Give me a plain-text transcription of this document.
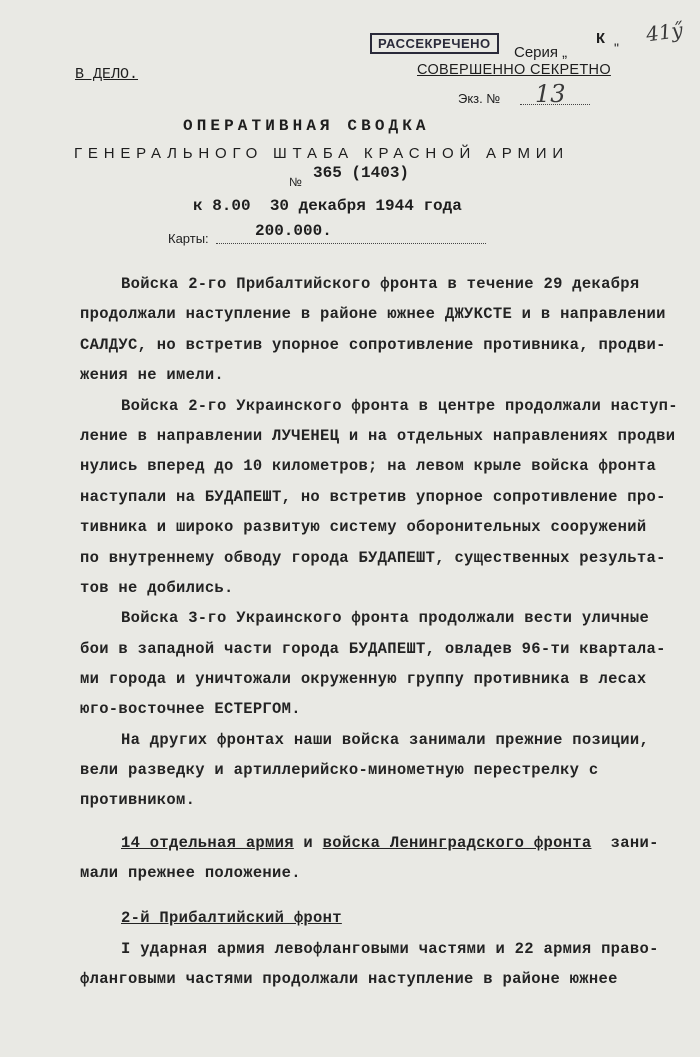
РАССЕКРЕЧЕНО
Серия „
К "
41ӳ
В ДЕЛО.	СОВЕРШЕННО СЕКРЕТНО
Экз. № 13
ОПЕРАТИВНАЯ СВОДКА
ГЕНЕРАЛЬНОГО ШТАБА КРАСНОЙ АРМИИ
№ 365 (1403)
к 8.00  30 декабря 1944 года
Карты:	200.000.
Войска 2-го Прибалтийского фронта в течение 29 декабря
продолжали наступление в районе южнее ДЖУКСТЕ и в направлении
САЛДУС, но встретив упорное сопротивление противника, продви-
жения не имели.
Войска 2-го Украинского фронта в центре продолжали наступ-
ление в направлении ЛУЧЕНЕЦ и на отдельных направлениях продви
нулись вперед до 10 километров; на левом крыле войска фронта
наступали на БУДАПЕШТ, но встретив упорное сопротивление про-
тивника и широко развитую систему оборонительных сооружений
по внутреннему обводу города БУДАПЕШТ, существенных результа-
тов не добились.
Войска 3-го Украинского фронта продолжали вести уличные
бои в западной части города БУДАПЕШТ, овладев 96-ти квартала-
ми города и уничтожали окруженную группу противника в лесах
юго-восточнее ЕСТЕРГОМ.
На других фронтах наши войска занимали прежние позиции,
вели разведку и артиллерийско-минометную перестрелку с
противником.
14 отдельная армия и войска Ленинградского фронта  зани-
мали прежнее положение.
2-й Прибалтийский фронт
I ударная армия левофланговыми частями и 22 армия право-
фланговыми частями продолжали наступление в районе южнее
